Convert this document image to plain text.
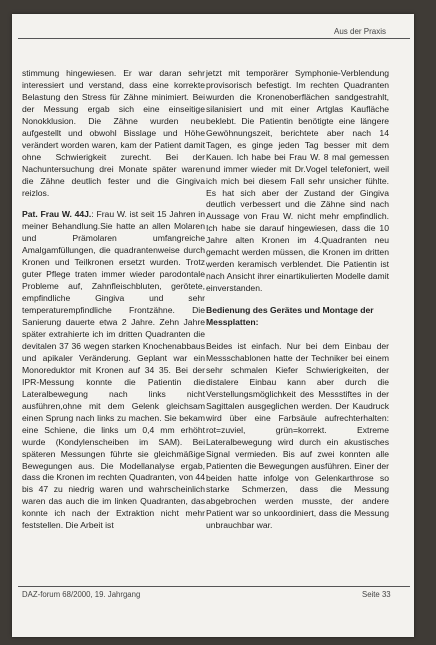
Aus der Praxis

stimmung hingewiesen. Er war daran sehr interessiert und verstand, dass eine korrekte Belastung den Stress für Zähne minimiert. Bei der Messung ergab sich eine einseitige Nonokklusion. Die Zähne wurden neu aufgestellt und obwohl Bisslage und Höhe verändert worden waren, kam der Patient damit ohne Schwierigkeit zurecht. Bei der Nachuntersuchung drei Monate später waren die Zähne deutlich fester und die Gingiva reizlos.

Pat. Frau W. 44J.: Frau W. ist seit 15 Jahren in meiner Behandlung.Sie hatte an allen Molaren und Prämolaren umfangreiche Amalgamfüllungen, die quadrantenweise durch Kronen und Teilkronen ersetzt wurden. Trotz guter Pflege traten immer wieder parodontale Probleme auf, Zahnfleischbluten, gerötete, empfindliche Gingiva und sehr temperaturempfindliche Frontzähne. Die Sanierung dauerte etwa 2 Jahre. Zehn Jahre später extrahierte ich im dritten Quadranten die devitalen 37 36 wegen starken Knochenabbaus und apikaler Veränderung. Geplant war ein Monoreduktor mit Kronen auf 34 35. Bei der IPR-Messung konnte die Patientin die Lateralbewegung nach links nicht ausführen,ohne mit dem Gelenk gleichsam einen Sprung nach links zu machen. Sie bekam eine Schiene, die links um 0,4 mm erhöht wurde (Kondylenscheiben im SAM). Bei späteren Messungen führte sie gleichmäßige Bewegungen aus. Die Modellanalyse ergab, dass die Kronen im rechten Quadranten, von 44 bis 47 zu niedrig waren und wahrscheinlich waren das auch die im linken Quadranten, das konnte ich nach der Extraktion nicht mehr feststellen. Die Arbeit ist

jetzt mit temporärer Symphonie-Verblendung provisorisch befestigt. Im rechten Quadranten wurden die Kronenoberflächen sandgestrahlt, silanisiert und mit einer Artglas Kaufläche beklebt. Die Patientin benötigte eine längere Gewöhnungszeit, berichtete aber nach 14 Tagen, es ginge jeden Tag besser mit dem Kauen. Ich habe bei Frau W. 8 mal gemessen und immer wieder mit Dr.Vogel telefoniert, weil ich mich bei diesem Fall sehr unsicher fühlte. Es hat sich aber der Zustand der Gingiva deutlich verbessert und die Zähne sind nach Aussage von Frau W. nicht mehr empfindlich. Ich habe sie darauf hingewiesen, dass die 10 Jahre alten Kronen im 4.Quadranten neu gemacht werden müssen, die Kronen im dritten werden keramisch verblendet. Die Patientin ist nach Ansicht ihrer einartikulierten Modelle damit einverstanden.

Bedienung des Gerätes und Montage der Messplatten:

Beides ist einfach. Nur bei dem Einbau der Messschablonen hatte der Techniker bei einem sehr schmalen Kiefer Schwierigkeiten, der distalere Einbau kann aber durch die Verstellungsmöglichkeit des Messstiftes in der Sagittalen ausgeglichen werden. Der Kaudruck wird über eine Farbsäule aufrechterhalten: rot=zuviel, grün=korrekt. Extreme Lateralbewegung wird durch ein akustisches Signal vermieden. Bis auf zwei konnten alle Patienten die Bewegungen ausführen. Einer der beiden hatte infolge von Gelenkarthrose so starke Schmerzen, dass die Messung abgebrochen werden musste, der andere Patient war so unkoordiniert, dass die Messung unbrauchbar war.

DAZ-forum 68/2000, 19. Jahrgang	Seite 33
